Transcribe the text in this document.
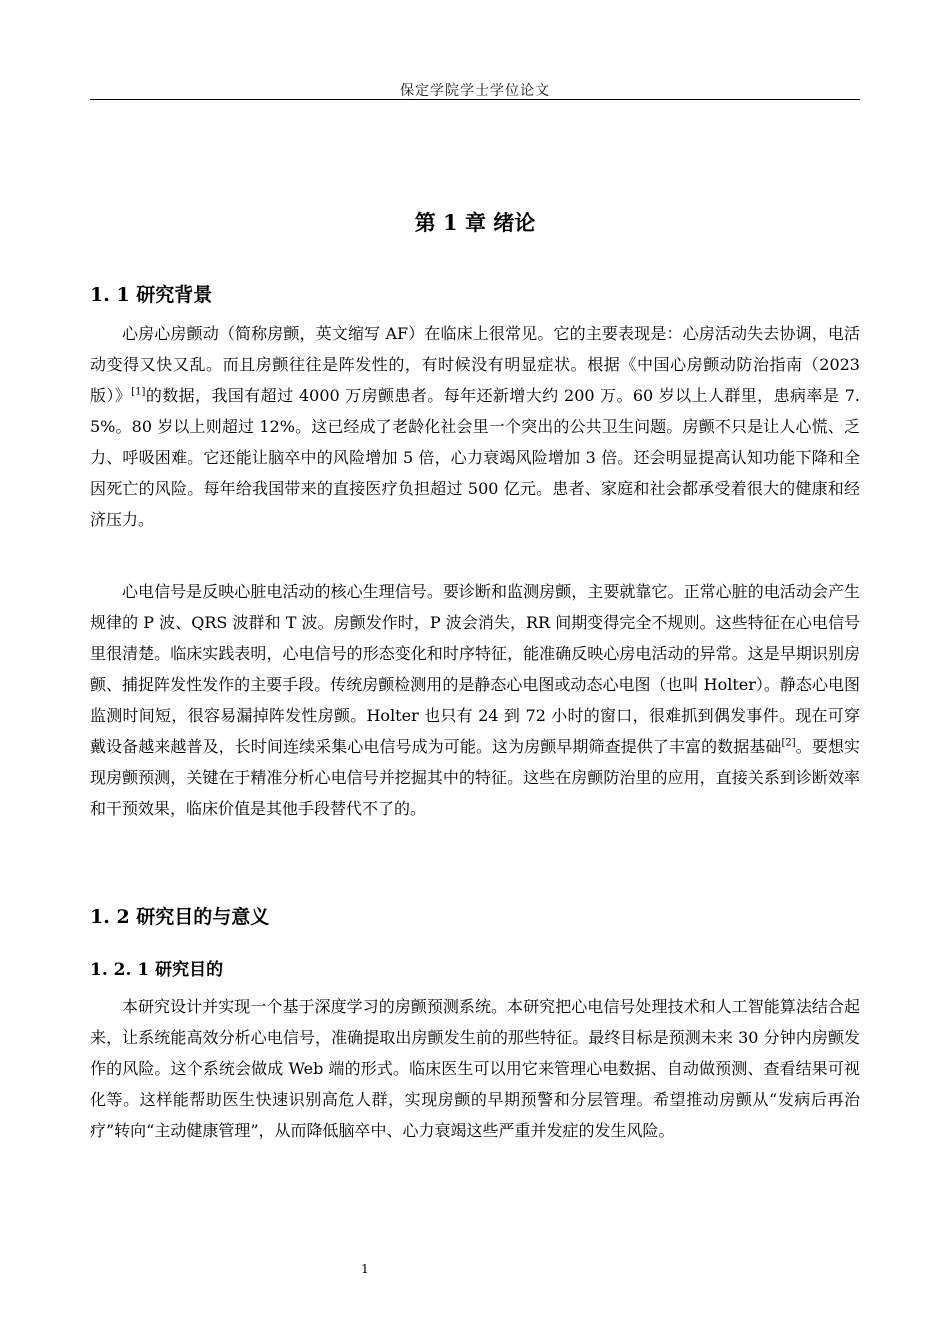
保定学院学士学位论文
第 1 章 绪论
1. 1 研究背景

心房心房颤动（简称房颤，英文缩写 AF）在临床上很常见。它的主要表现是：心房活动失去协调，电活动变得又快又乱。而且房颤往往是阵发性的，有时候没有明显症状。根据《中国心房颤动防治指南（2023 版）》[1]的数据，我国有超过 4000 万房颤患者。每年还新增大约 200 万。60 岁以上人群里，患病率是 7. 5%。80 岁以上则超过 12%。这已经成了老龄化社会里一个突出的公共卫生问题。房颤不只是让人心慌、乏力、呼吸困难。它还能让脑卒中的风险增加 5 倍，心力衰竭风险增加 3 倍。还会明显提高认知功能下降和全因死亡的风险。每年给我国带来的直接医疗负担超过 500 亿元。患者、家庭和社会都承受着很大的健康和经济压力。

心电信号是反映心脏电活动的核心生理信号。要诊断和监测房颤，主要就靠它。正常心脏的电活动会产生规律的 P 波、QRS 波群和 T 波。房颤发作时，P 波会消失，RR 间期变得完全不规则。这些特征在心电信号里很清楚。临床实践表明，心电信号的形态变化和时序特征，能准确反映心房电活动的异常。这是早期识别房颤、捕捉阵发性发作的主要手段。传统房颤检测用的是静态心电图或动态心电图（也叫 Holter）。静态心电图监测时间短，很容易漏掉阵发性房颤。Holter 也只有 24 到 72 小时的窗口，很难抓到偶发事件。现在可穿戴设备越来越普及，长时间连续采集心电信号成为可能。这为房颤早期筛查提供了丰富的数据基础[2]。要想实现房颤预测，关键在于精准分析心电信号并挖掘其中的特征。这些在房颤防治里的应用，直接关系到诊断效率和干预效果，临床价值是其他手段替代不了的。

1. 2 研究目的与意义
1. 2. 1 研究目的

本研究设计并实现一个基于深度学习的房颤预测系统。本研究把心电信号处理技术和人工智能算法结合起来，让系统能高效分析心电信号，准确提取出房颤发生前的那些特征。最终目标是预测未来 30 分钟内房颤发作的风险。这个系统会做成 Web 端的形式。临床医生可以用它来管理心电数据、自动做预测、查看结果可视化等。这样能帮助医生快速识别高危人群，实现房颤的早期预警和分层管理。希望推动房颤从“发病后再治疗”转向“主动健康管理”，从而降低脑卒中、心力衰竭这些严重并发症的发生风险。

1
